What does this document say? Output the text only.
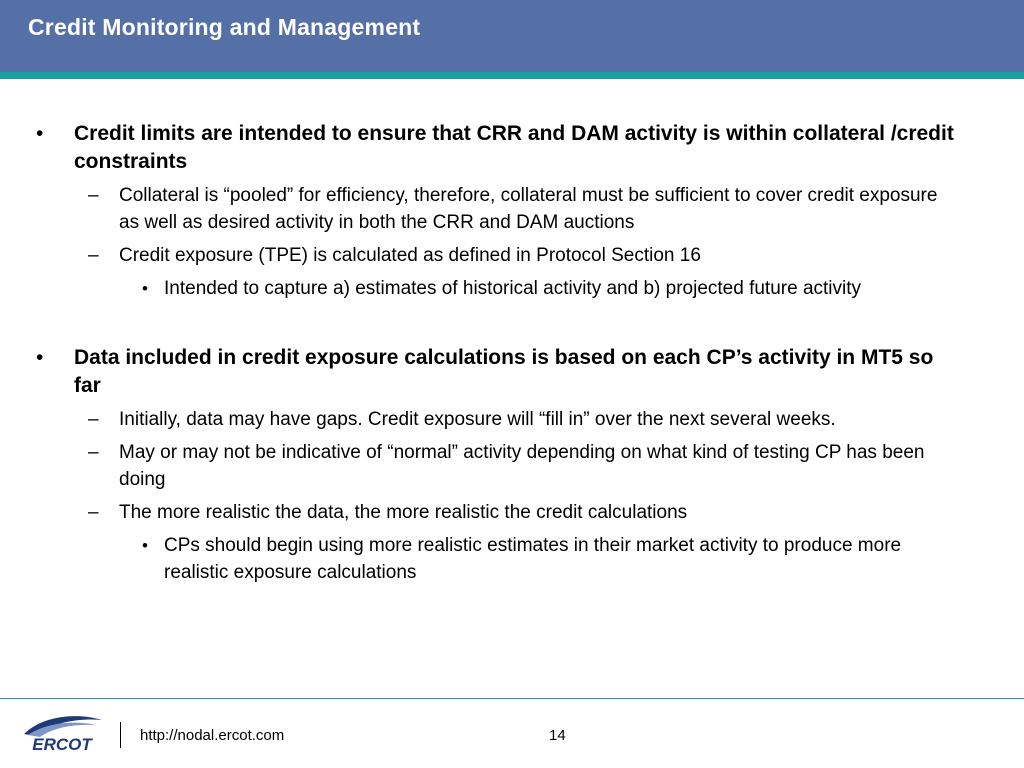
Credit Monitoring and Management
• Credit limits are intended to ensure that CRR and DAM activity is within collateral /credit constraints
– Collateral is “pooled” for efficiency, therefore, collateral must be sufficient to cover credit exposure as well as desired activity in both the CRR and DAM auctions
– Credit exposure (TPE) is calculated as defined in Protocol Section 16
• Intended to capture a) estimates of historical activity and b) projected future activity
• Data included in credit exposure calculations is based on each CP’s activity in MT5 so far
– Initially, data may have gaps. Credit exposure will “fill in” over the next several weeks.
– May or may not be indicative of “normal” activity depending on what kind of testing CP has been doing
– The more realistic the data, the more realistic the credit calculations
• CPs should begin using more realistic estimates in their market activity to produce more realistic exposure calculations
ERCOT	http://nodal.ercot.com	14
